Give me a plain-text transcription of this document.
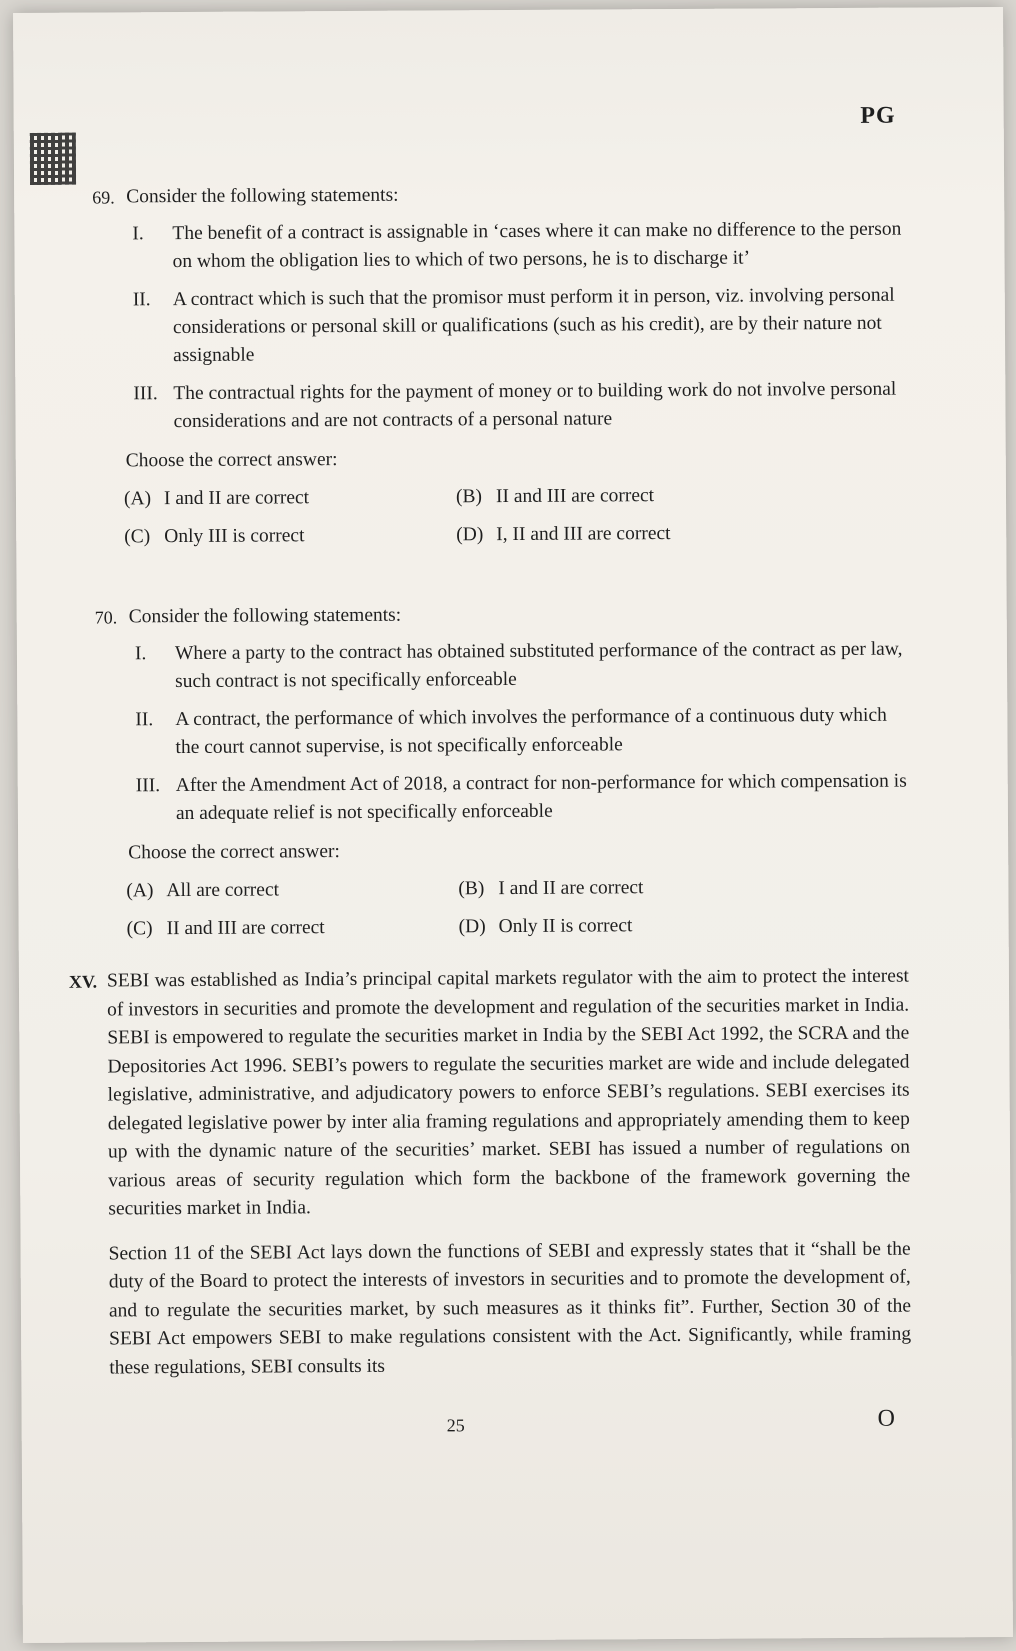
PG
69. Consider the following statements:
I.	The benefit of a contract is assignable in ‘cases where it can make no difference to the person on whom the obligation lies to which of two persons, he is to discharge it’
II.	A contract which is such that the promisor must perform it in person, viz. involving personal considerations or personal skill or qualifications (such as his credit), are by their nature not assignable
III. The contractual rights for the payment of money or to building work do not involve personal considerations and are not contracts of a personal nature
Choose the correct answer:
(A) I and II are correct	(B) II and III are correct
(C) Only III is correct	(D) I, II and III are correct
70. Consider the following statements:
I.	Where a party to the contract has obtained substituted performance of the contract as per law, such contract is not specifically enforceable
II.	A contract, the performance of which involves the performance of a continuous duty which the court cannot supervise, is not specifically enforceable
III. After the Amendment Act of 2018, a contract for non-performance for which compensation is an adequate relief is not specifically enforceable
Choose the correct answer:
(A) All are correct	(B) I and II are correct
(C) II and III are correct	(D) Only II is correct
XV. SEBI was established as India’s principal capital markets regulator with the aim to protect the interest of investors in securities and promote the development and regulation of the securities market in India. SEBI is empowered to regulate the securities market in India by the SEBI Act 1992, the SCRA and the Depositories Act 1996. SEBI’s powers to regulate the securities market are wide and include delegated legislative, administrative, and adjudicatory powers to enforce SEBI’s regulations. SEBI exercises its delegated legislative power by inter alia framing regulations and appropriately amending them to keep up with the dynamic nature of the securities’ market. SEBI has issued a number of regulations on various areas of security regulation which form the backbone of the framework governing the securities market in India.

Section 11 of the SEBI Act lays down the functions of SEBI and expressly states that it “shall be the duty of the Board to protect the interests of investors in securities and to promote the development of, and to regulate the securities market, by such measures as it thinks fit”. Further, Section 30 of the SEBI Act empowers SEBI to make regulations consistent with the Act. Significantly, while framing these regulations, SEBI consults its

25	O
